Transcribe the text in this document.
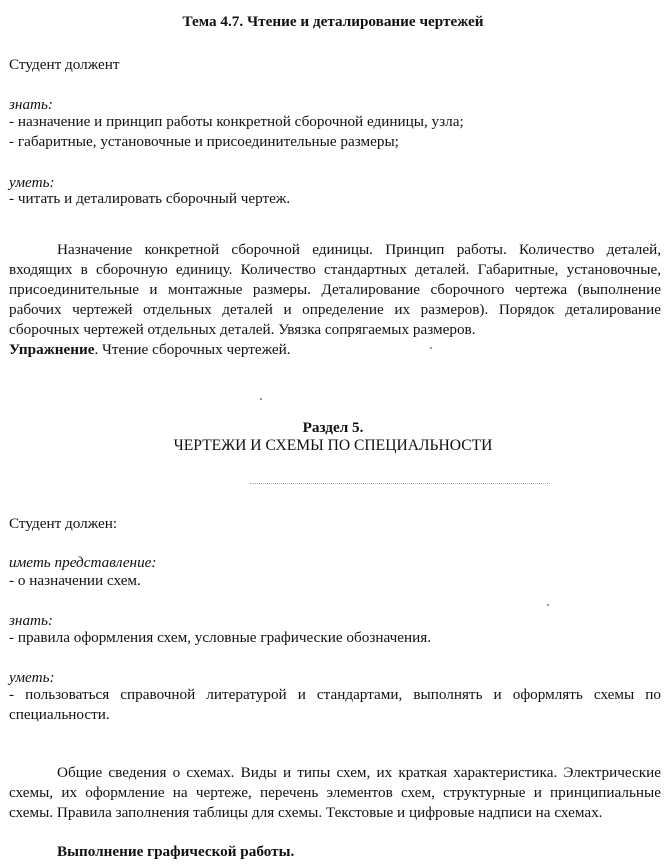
Тема 4.7. Чтение и деталирование чертежей
Студент должент
знать:
- назначение и принцип работы конкретной сборочной единицы, узла;
- габаритные, установочные и присоединительные размеры;
уметь:
- читать и деталировать сборочный чертеж.
Назначение конкретной сборочной единицы. Принцип работы. Количество деталей, входящих в сборочную единицу. Количество стандартных деталей. Габаритные, установочные, присоединительные и монтажные размеры. Деталирование сборочного чертежа (выполнение рабочих чертежей отдельных деталей и определение их размеров). Порядок деталирование сборочных чертежей отдельных деталей. Увязка сопрягаемых размеров.
Упражнение. Чтение сборочных чертежей.
Раздел 5.
ЧЕРТЕЖИ И СХЕМЫ ПО СПЕЦИАЛЬНОСТИ
Студент должен:
иметь представление:
- о назначении схем.
знать:
- правила оформления схем, условные графические обозначения.
уметь:
- пользоваться справочной литературой и стандартами, выполнять и оформлять схемы по специальности.
Общие сведения о схемах. Виды и типы схем, их краткая характеристика. Электрические схемы, их оформление на чертеже, перечень элементов схем, структурные и принципиальные схемы. Правила заполнения таблицы для схемы. Текстовые и цифровые надписи на схемах.
Выполнение графической работы.
